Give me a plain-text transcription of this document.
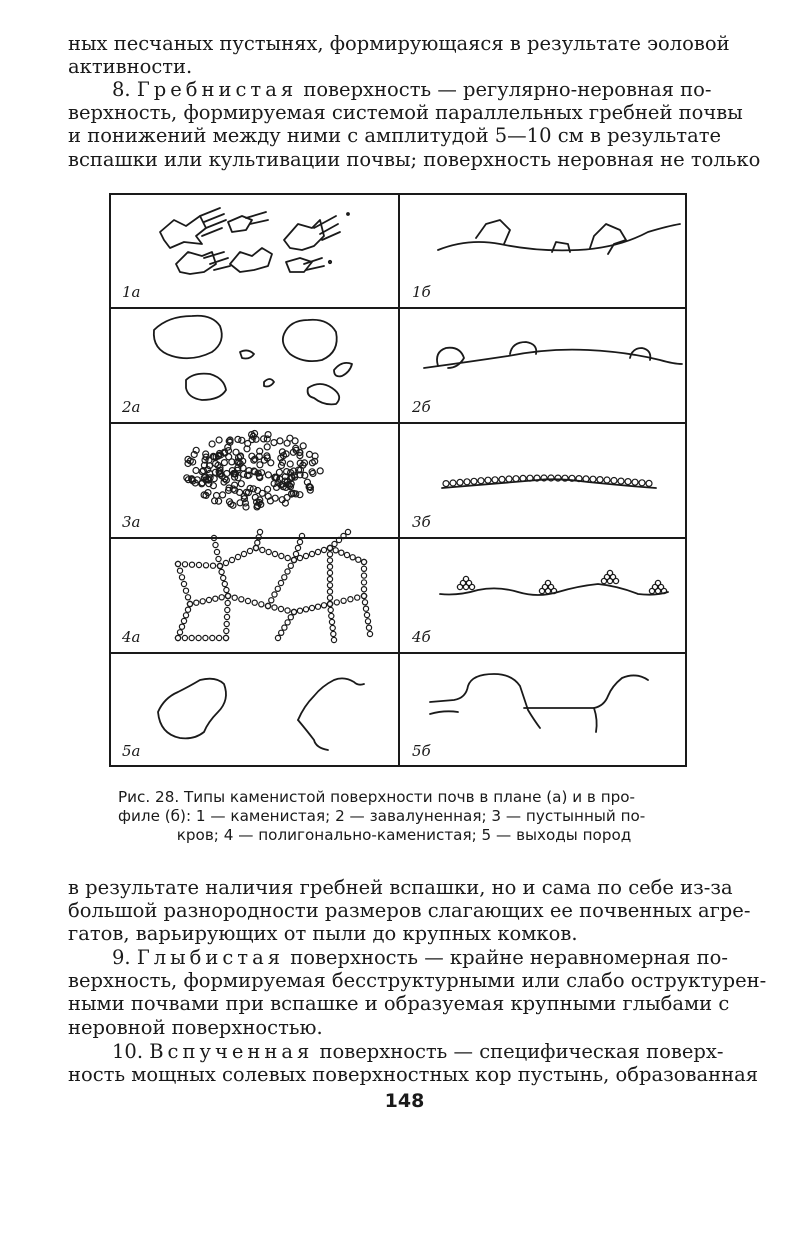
ных песчаных пустынях, формирующаяся в результате эоловой
активности.

8. Гребнистая поверхность — регулярно-неровная по-
верхность, формируемая системой параллельных гребней почвы
и понижений между ними с амплитудой 5—10 см в результате
вспашки или культивации почвы; поверхность неровная не только

1а	1б
2а	2б
3а	3б
4а	4б
5а	5б

Рис. 28. Типы каменистой поверхности почв в плане (а) и в про-
филе (б): 1 — каменистая; 2 — завалуненная; 3 — пустынный по-
кров; 4 — полигонально-каменистая; 5 — выходы пород

в результате наличия гребней вспашки, но и сама по себе из-за
большой разнородности размеров слагающих ее почвенных агре-
гатов, варьирующих от пыли до крупных комков.

9. Глыбистая поверхность — крайне неравномерная по-
верхность, формируемая бесструктурными или слабо оструктурен-
ными почвами при вспашке и образуемая крупными глыбами с
неровной поверхностью.

10. Вспученная поверхность — специфическая поверх-
ность мощных солевых поверхностных кор пустынь, образованная

148
